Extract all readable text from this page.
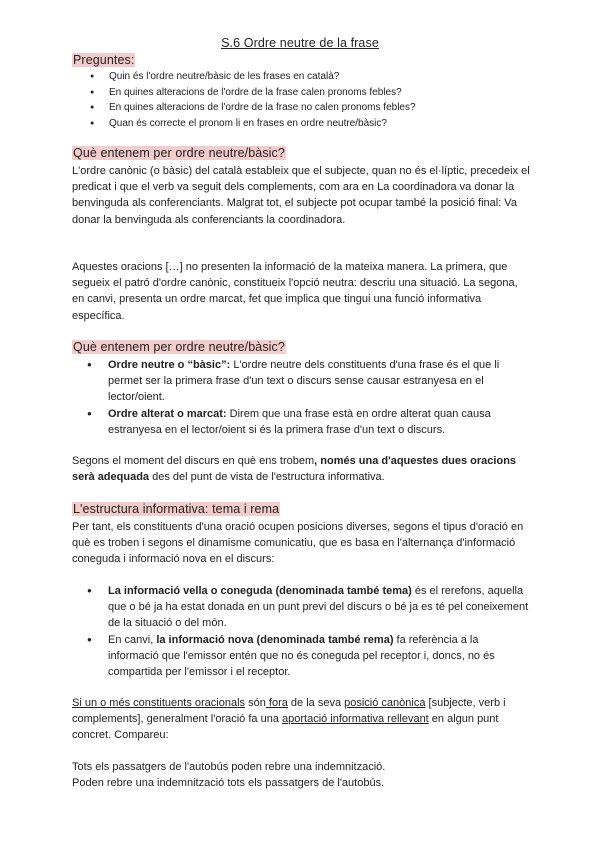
S.6 Ordre neutre de la frase
Preguntes:
● Quin és l'ordre neutre/bàsic de les frases en català?
● En quines alteracions de l'ordre de la frase calen pronoms febles?
● En quines alteracions de l'ordre de la frase no calen pronoms febles?
● Quan és correcte el pronom li en frases en ordre neutre/bàsic?
Què entenem per ordre neutre/bàsic?
L'ordre canònic (o bàsic) del català estableix que el subjecte, quan no és el·líptic, precedeix el predicat i que el verb va seguit dels complements, com ara en La coordinadora va donar la benvinguda als conferenciants. Malgrat tot, el subjecte pot ocupar també la posició final: Va donar la benvinguda als conferenciants la coordinadora.
Aquestes oracions […] no presenten la informació de la mateixa manera. La primera, que segueix el patró d'ordre canònic, constitueix l'opció neutra: descriu una situació. La segona, en canvi, presenta un ordre marcat, fet que implica que tingui una funció informativa específica.
Què entenem per ordre neutre/bàsic?
● Ordre neutre o “bàsic”: L'ordre neutre dels constituents d'una frase és el que li permet ser la primera frase d'un text o discurs sense causar estranyesa en el lector/oient.
● Ordre alterat o marcat: Direm que una frase està en ordre alterat quan causa estranyesa en el lector/oient si és la primera frase d'un text o discurs.
Segons el moment del discurs en què ens trobem, només una d'aquestes dues oracions serà adequada des del punt de vista de l'estructura informativa.
L'estructura informativa: tema i rema
Per tant, els constituents d'una oració ocupen posicions diverses, segons el tipus d'oració en què es troben i segons el dinamisme comunicatiu, que es basa en l'alternança d'informació coneguda i informació nova en el discurs:
● La informació vella o coneguda (denominada també tema) és el rerefons, aquella que o bé ja ha estat donada en un punt previ del discurs o bé ja es té pel coneixement de la situació o del món.
● En canvi, la informació nova (denominada també rema) fa referència a la informació que l'emissor entén que no és coneguda pel receptor i, doncs, no és compartida per l'emissor i el receptor.
Si un o més constituents oracionals són fora de la seva posició canònica [subjecte, verb i complements], generalment l'oració fa una aportació informativa rellevant en algun punt concret. Compareu:
Tots els passatgers de l'autobús poden rebre una indemnització.
Poden rebre una indemnització tots els passatgers de l'autobús.
